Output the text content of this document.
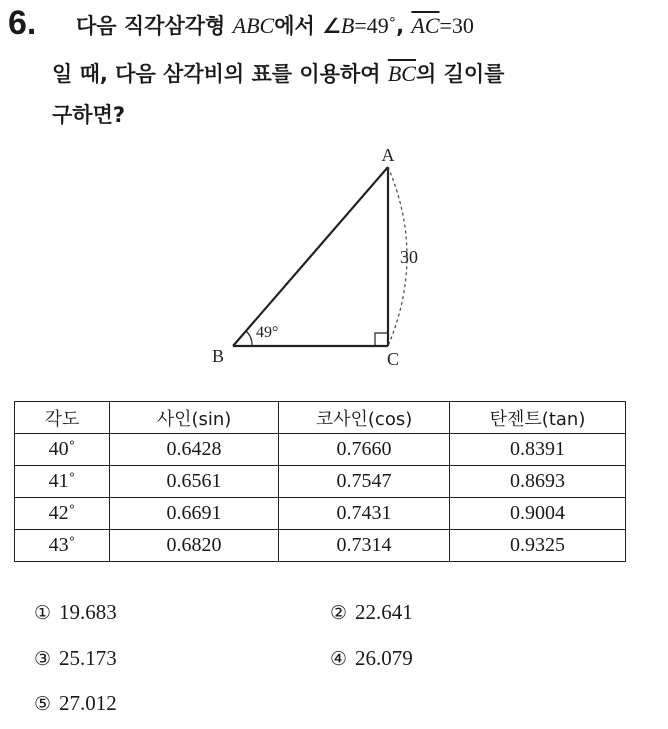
6. 다음 직각삼각형 ABC에서 ∠B=49˚, $\overline{AC}=30$
일 때, 다음 삼각비의 표를 이용하여 $\overline{BC}$의 길이를
구하면?
A
B	C
30
49°
각도	사인(sin)	코사인(cos)	탄젠트(tan)
40˚	0.6428	0.7660	0.8391
41˚	0.6561	0.7547	0.8693
42˚	0.6691	0.7431	0.9004
43˚	0.6820	0.7314	0.9325
① 19.683	② 22.641
③ 25.173	④ 26.079
⑤ 27.012
